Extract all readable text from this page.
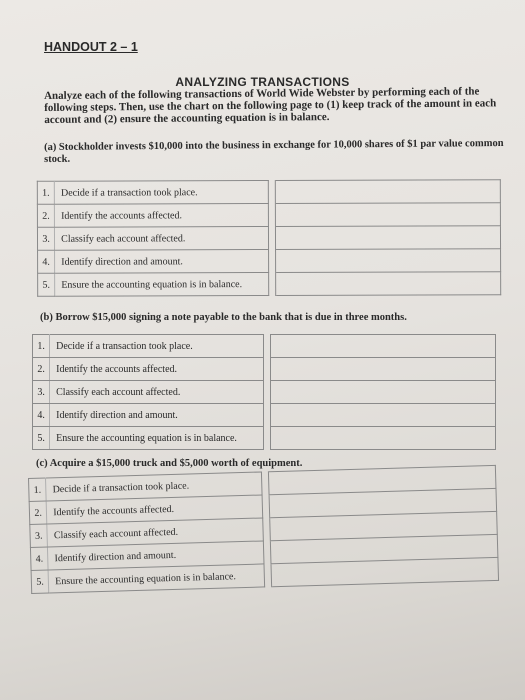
HANDOUT 2 – 1
ANALYZING TRANSACTIONS
Analyze each of the following transactions of World Wide Webster by performing each of the following steps. Then, use the chart on the following page to (1) keep track of the amount in each account and (2) ensure the accounting equation is in balance.
(a) Stockholder invests $10,000 into the business in exchange for 10,000 shares of $1 par value common stock.
1.	Decide if a transaction took place.		
2.	Identify the accounts affected.		
3.	Classify each account affected.		
4.	Identify direction and amount.		
5.	Ensure the accounting equation is in balance.		
(b) Borrow $15,000 signing a note payable to the bank that is due in three months.
1.	Decide if a transaction took place.		
2.	Identify the accounts affected.		
3.	Classify each account affected.		
4.	Identify direction and amount.		
5.	Ensure the accounting equation is in balance.		
(c) Acquire a $15,000 truck and $5,000 worth of equipment.
1.	Decide if a transaction took place.		
2.	Identify the accounts affected.		
3.	Classify each account affected.		
4.	Identify direction and amount.		
5.	Ensure the accounting equation is in balance.		
